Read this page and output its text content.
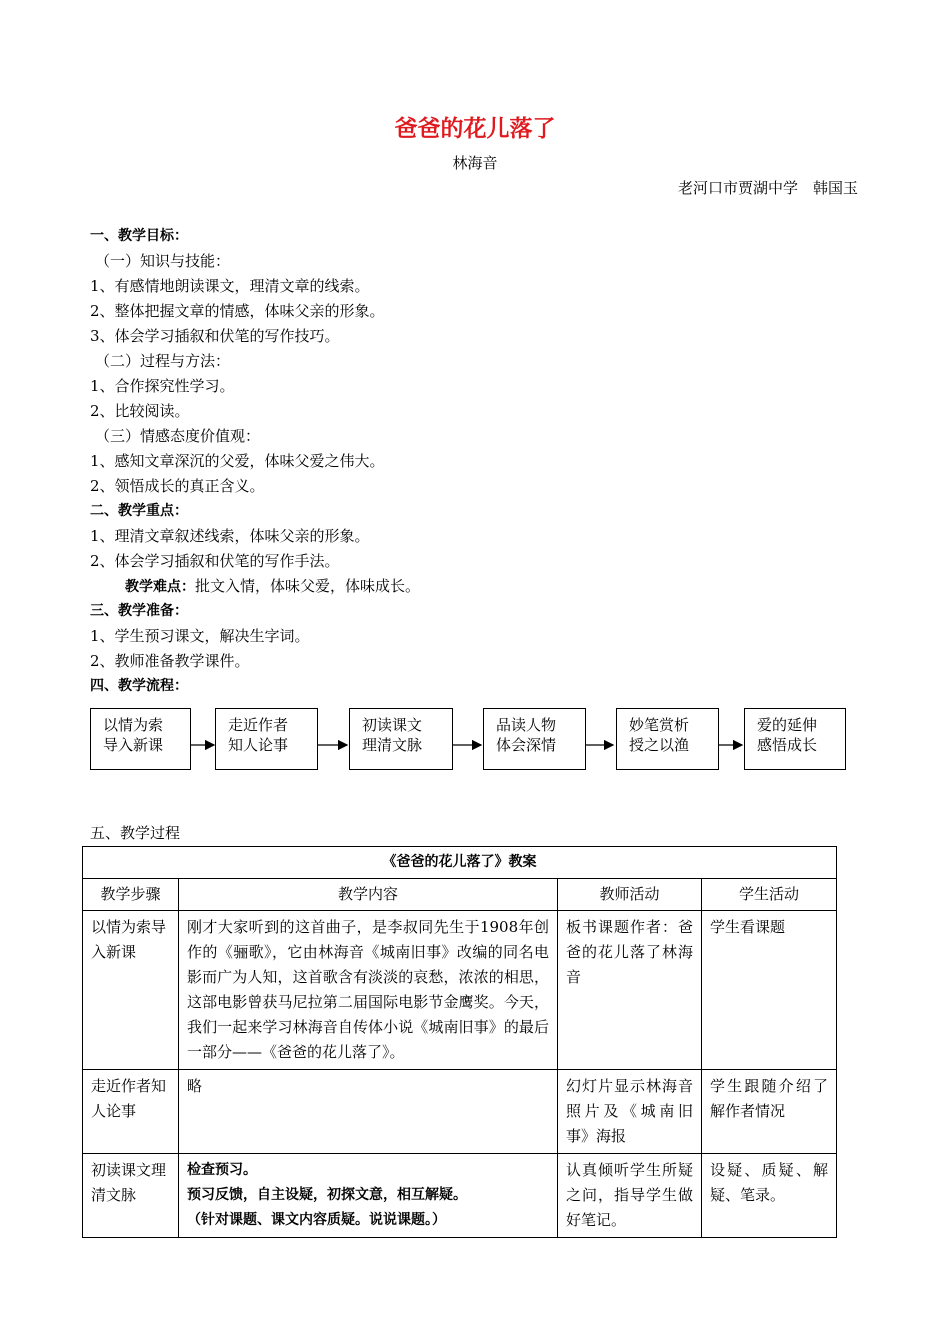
爸爸的花儿落了
林海音
老河口市贾湖中学　韩国玉
一、教学目标：
（一）知识与技能：
1、有感情地朗读课文，理清文章的线索。
2、整体把握文章的情感，体味父亲的形象。
3、体会学习插叙和伏笔的写作技巧。
（二）过程与方法：
1、合作探究性学习。
2、比较阅读。
（三）情感态度价值观：
1、感知文章深沉的父爱，体味父爱之伟大。
2、领悟成长的真正含义。
二、教学重点：
1、理清文章叙述线索，体味父亲的形象。
2、体会学习插叙和伏笔的写作手法。
教学难点：批文入情，体味父爱，体味成长。
三、教学准备：
1、学生预习课文，解决生字词。
2、教师准备教学课件。
四、教学流程：
以情为索
导入新课
走近作者
知人论事
初读课文
理清文脉
品读人物
体会深情
妙笔赏析
授之以渔
爱的延伸
感悟成长
五、教学过程
《爸爸的花儿落了》教案			
教学步骤	教学内容	教师活动	学生活动
以情为索导入新课	刚才大家听到的这首曲子，是李叔同先生于1908年创作的《骊歌》，它由林海音《城南旧事》改编的同名电影而广为人知，这首歌含有淡淡的哀愁，浓浓的相思，这部电影曾获马尼拉第二届国际电影节金鹰奖。今天，我们一起来学习林海音自传体小说《城南旧事》的最后一部分——《爸爸的花儿落了》。	板书课题作者：爸爸的花儿落了林海音	学生看课题
走近作者知人论事	略	幻灯片显示林海音照片及《城南旧事》海报	学生跟随介绍了解作者情况
初读课文理清文脉	检查预习。
预习反馈，自主设疑，初探文意，相互解疑。
（针对课题、课文内容质疑。说说课题。）	认真倾听学生所疑之问，指导学生做好笔记。	设疑、质疑、解疑、笔录。
